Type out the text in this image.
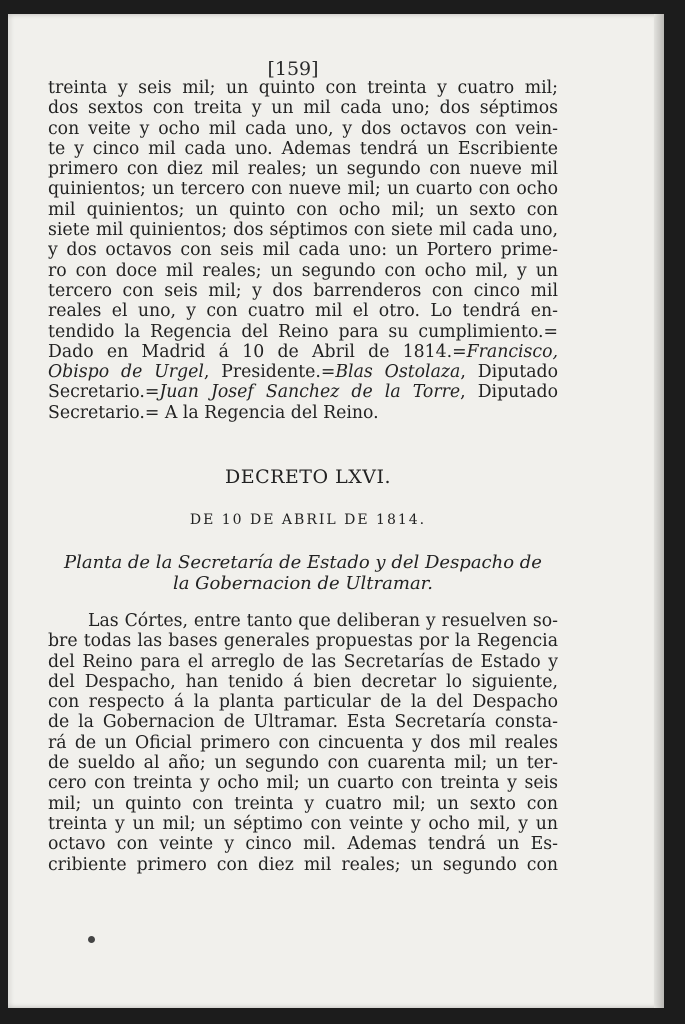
[159]
treinta y seis mil; un quinto con treinta y cuatro mil;
dos sextos con treita y un mil cada uno; dos séptimos
con veite y ocho mil cada uno, y dos octavos con vein-
te y cinco mil cada uno. Ademas tendrá un Escribiente
primero con diez mil reales; un segundo con nueve mil
quinientos; un tercero con nueve mil; un cuarto con ocho
mil quinientos; un quinto con ocho mil; un sexto con
siete mil quinientos; dos séptimos con siete mil cada uno,
y dos octavos con seis mil cada uno: un Portero prime-
ro con doce mil reales; un segundo con ocho mil, y un
tercero con seis mil; y dos barrenderos con cinco mil
reales el uno, y con cuatro mil el otro. Lo tendrá en-
tendido la Regencia del Reino para su cumplimiento.=
Dado en Madrid á 10 de Abril de 1814.=Francisco,
Obispo de Urgel, Presidente.=Blas Ostolaza, Diputado
Secretario.=Juan Josef Sanchez de la Torre, Diputado
Secretario.= A la Regencia del Reino.
DECRETO LXVI.
DE 10 DE ABRIL DE 1814.
Planta de la Secretaría de Estado y del Despacho de
la Gobernacion de Ultramar.
Las Córtes, entre tanto que deliberan y resuelven so-
bre todas las bases generales propuestas por la Regencia
del Reino para el arreglo de las Secretarías de Estado y
del Despacho, han tenido á bien decretar lo siguiente,
con respecto á la planta particular de la del Despacho
de la Gobernacion de Ultramar. Esta Secretaría consta-
rá de un Oficial primero con cincuenta y dos mil reales
de sueldo al año; un segundo con cuarenta mil; un ter-
cero con treinta y ocho mil; un cuarto con treinta y seis
mil; un quinto con treinta y cuatro mil; un sexto con
treinta y un mil; un séptimo con veinte y ocho mil, y un
octavo con veinte y cinco mil. Ademas tendrá un Es-
cribiente primero con diez mil reales; un segundo con
